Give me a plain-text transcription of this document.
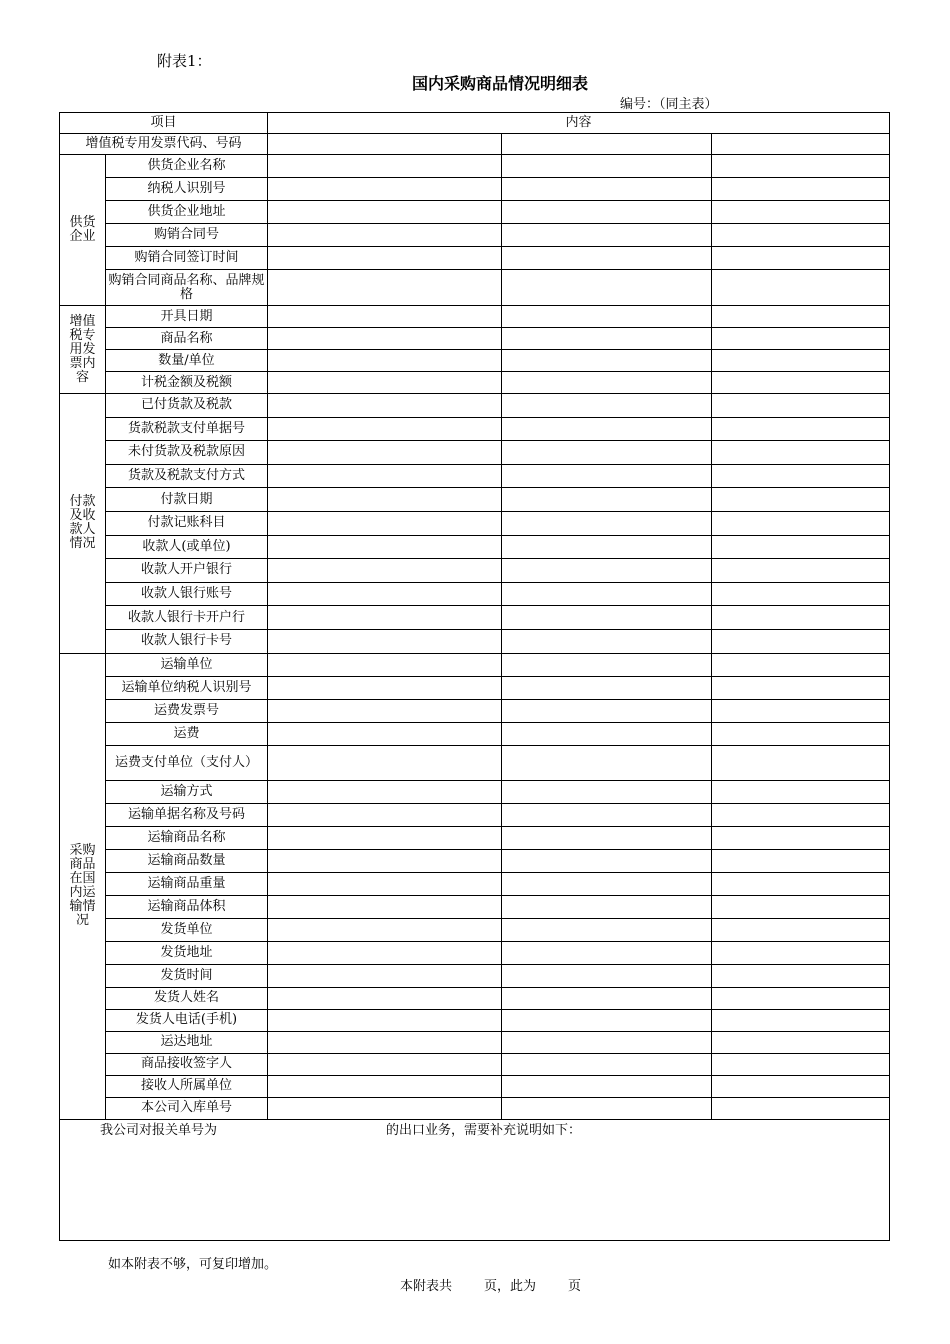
附表1：
国内采购商品情况明细表
编号：（同主表）
项目		内容		
增值税专用发票代码、号码				
供货企业	供货企业名称			
	纳税人识别号			
	供货企业地址			
	购销合同号			
	购销合同签订时间			
	购销合同商品名称、品牌规格			
增值税专用发票内容	开具日期			
	商品名称			
	数量/单位			
	计税金额及税额			
付款及收款人情况	已付货款及税款			
	货款税款支付单据号			
	未付货款及税款原因			
	货款及税款支付方式			
	付款日期			
	付款记账科目			
	收款人(或单位)			
	收款人开户银行			
	收款人银行账号			
	收款人银行卡开户行			
	收款人银行卡号			
采购商品在国内运输情况	运输单位			
	运输单位纳税人识别号			
	运费发票号			
	运费			
	运费支付单位（支付人）			
	运输方式			
	运输单据名称及号码			
	运输商品名称			
	运输商品数量			
	运输商品重量			
	运输商品体积			
	发货单位			
	发货地址			
	发货时间			
	发货人姓名			
	发货人电话(手机)			
	运达地址			
	商品接收签字人			
	接收人所属单位			
	本公司入库单号			

我公司对报关单号为 的出口业务，需要补充说明如下：				
如本附表不够，可复印增加。
本附表共 页，此为 页
